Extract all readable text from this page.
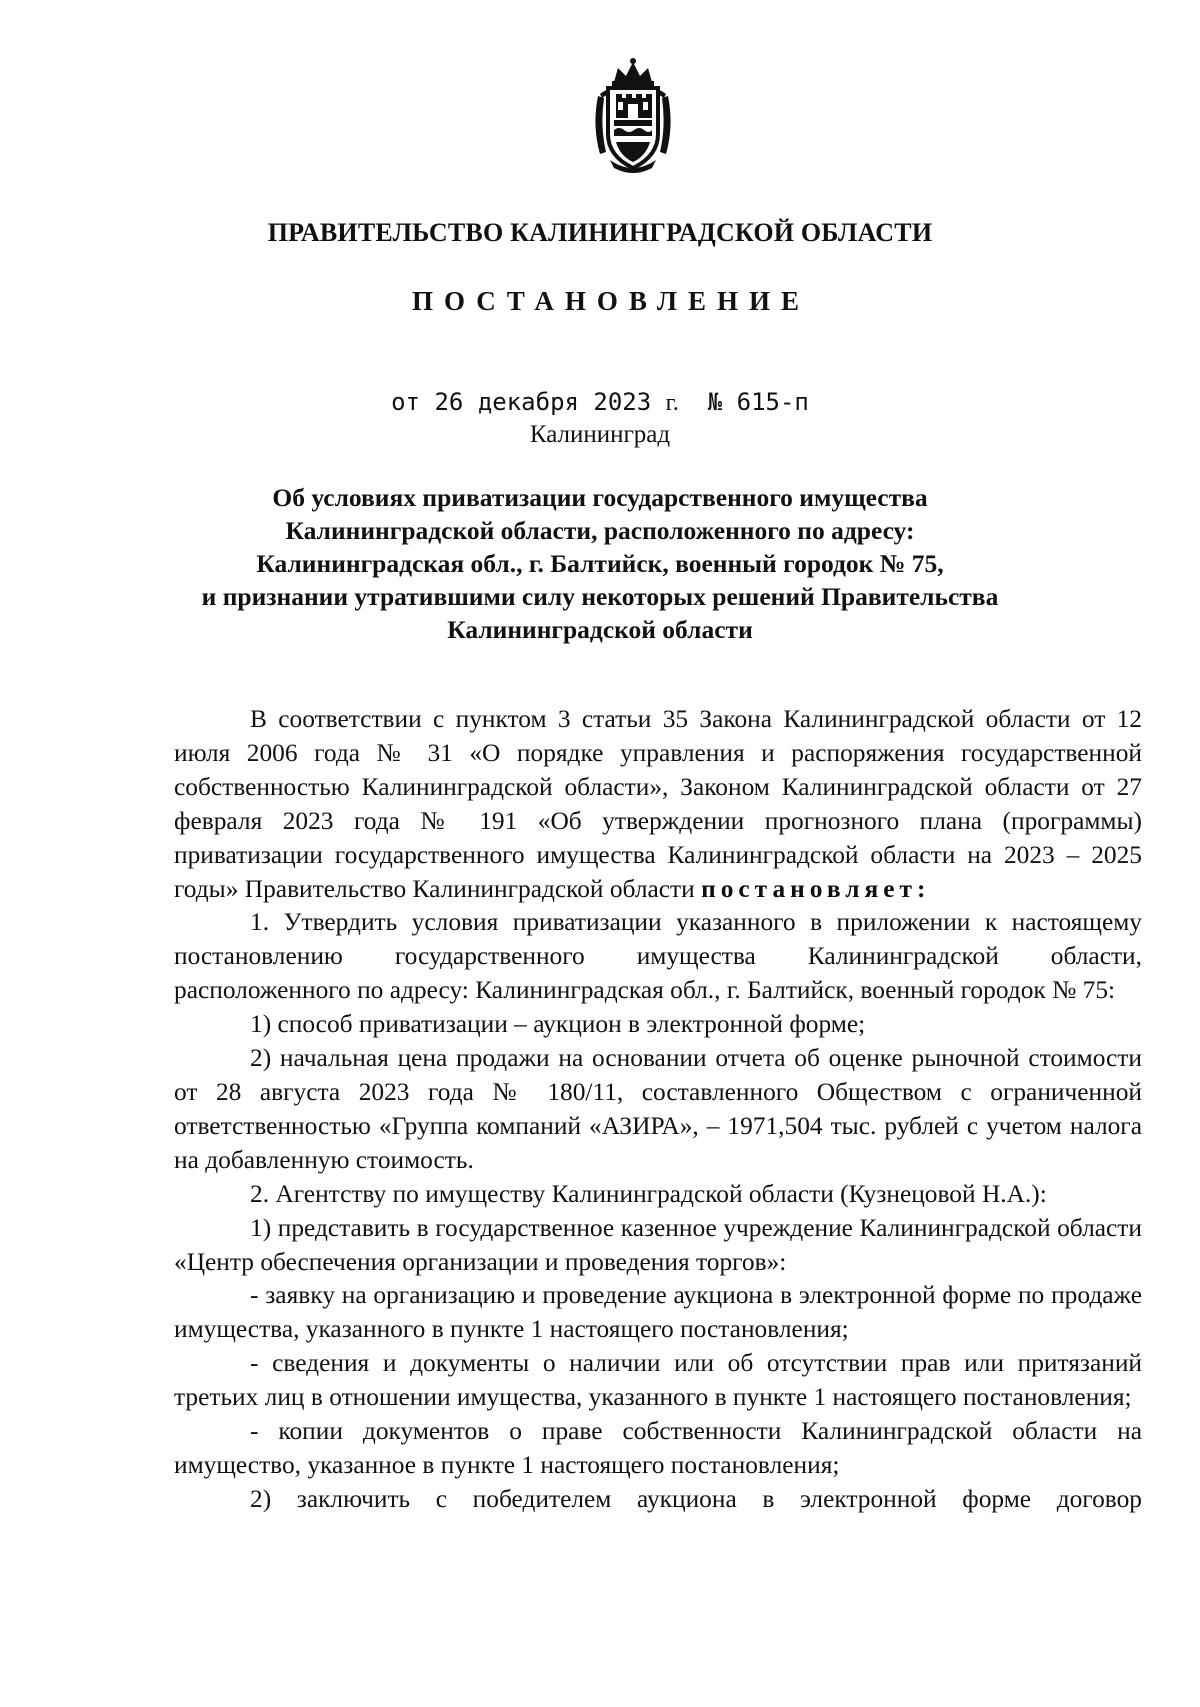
ПРАВИТЕЛЬСТВО КАЛИНИНГРАДСКОЙ ОБЛАСТИ
ПОСТАНОВЛЕНИЕ
от 26 декабря 2023 г. № 615-п
Калининград
Об условиях приватизации государственного имущества
Калининградской области, расположенного по адресу:
Калининградская обл., г. Балтийск, военный городок № 75,
и признании утратившими силу некоторых решений Правительства
Калининградской области
В соответствии с пунктом 3 статьи 35 Закона Калининградской области от 12 июля 2006 года № 31 «О порядке управления и распоряжения государственной собственностью Калининградской области», Законом Калининградской области от 27 февраля 2023 года № 191 «Об утверждении прогнозного плана (программы) приватизации государственного имущества Калининградской области на 2023 – 2025 годы» Правительство Калининградской области постановляет:
1. Утвердить условия приватизации указанного в приложении к настоящему постановлению государственного имущества Калининградской области, расположенного по адресу: Калининградская обл., г. Балтийск, военный городок № 75:
1) способ приватизации – аукцион в электронной форме;
2) начальная цена продажи на основании отчета об оценке рыночной стоимости от 28 августа 2023 года № 180/11, составленного Обществом с ограниченной ответственностью «Группа компаний «АЗИРА», – 1971,504 тыс. рублей с учетом налога на добавленную стоимость.
2. Агентству по имуществу Калининградской области (Кузнецовой Н.А.):
1) представить в государственное казенное учреждение Калининградской области «Центр обеспечения организации и проведения торгов»:
- заявку на организацию и проведение аукциона в электронной форме по продаже имущества, указанного в пункте 1 настоящего постановления;
- сведения и документы о наличии или об отсутствии прав или притязаний третьих лиц в отношении имущества, указанного в пункте 1 настоящего постановления;
- копии документов о праве собственности Калининградской области на имущество, указанное в пункте 1 настоящего постановления;
2) заключить с победителем аукциона в электронной форме договор
